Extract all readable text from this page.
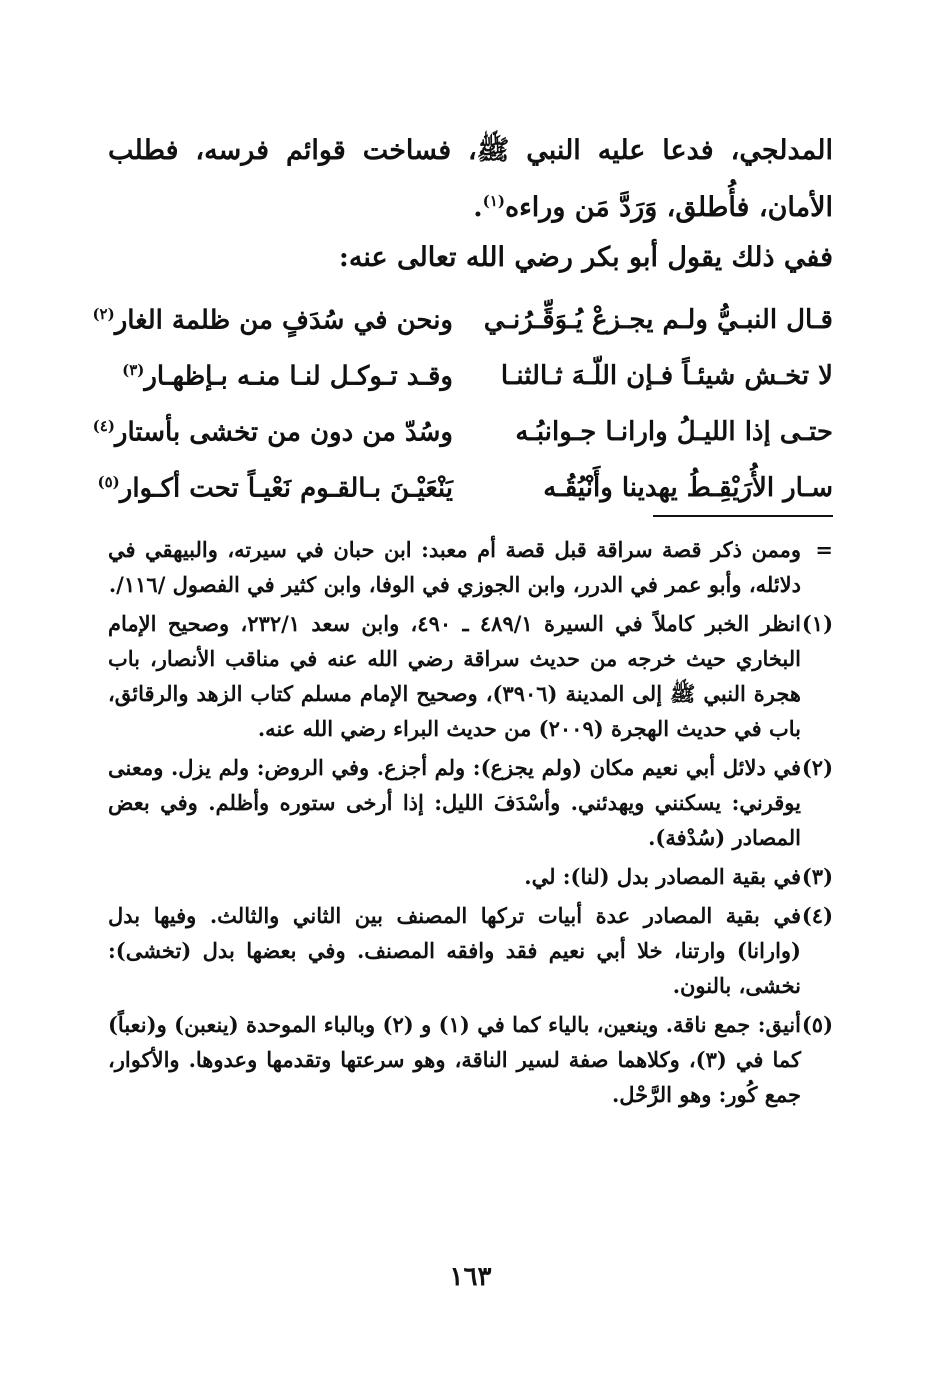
المدلجي، فدعا عليه النبي ﷺ، فساخت قوائم فرسه، فطلب الأمان، فأُطلق، وَرَدَّ مَن وراءه$^{(١)}$.
ففي ذلك يقول أبو بكر رضي الله تعالى عنه:
قـال النبـيُّ ولـم يجـزعْ يُـوَقِّـرُنـي
ونحن في سُدَفٍ من ظلمة الغار$^{(٢)}$
لا تخـش شيئـاً فـإن اللّـهَ ثـالثنـا
وقـد تـوكـل لنـا منـه بـإظهـار$^{(٣)}$
حتـى إذا الليـلُ وارانـا جـوانبُـه
وسُدّ من دون من تخشى بأستار$^{(٤)}$
سـار الأُرَيْقِـطُ يهدينا وأَنْيُقُـه
يَنْعَيْـنَ بـالقـوم نَعْيـاً تحت أكـوار$^{(٥)}$
=
وممن ذكر قصة سراقة قبل قصة أم معبد: ابن حبان في سيرته، والبيهقي في دلائله، وأبو عمر في الدرر، وابن الجوزي في الوفا، وابن كثير في الفصول /١١٦/.
(١)
انظر الخبر كاملاً في السيرة ٤٨٩/١ ـ ٤٩٠، وابن سعد ٢٣٢/١، وصحيح الإمام البخاري حيث خرجه من حديث سراقة رضي الله عنه في مناقب الأنصار، باب هجرة النبي ﷺ إلى المدينة (٣٩٠٦)، وصحيح الإمام مسلم كتاب الزهد والرقائق، باب في حديث الهجرة (٢٠٠٩) من حديث البراء رضي الله عنه.
(٢)
في دلائل أبي نعيم مكان (ولم يجزع): ولم أجزع. وفي الروض: ولم يزل. ومعنى يوقرني: يسكنني ويهدئني. وأسْدَفَ الليل: إذا أرخى ستوره وأظلم. وفي بعض المصادر (سُدْفة).
(٣)
في بقية المصادر بدل (لنا): لي.
(٤)
في بقية المصادر عدة أبيات تركها المصنف بين الثاني والثالث. وفيها بدل (وارانا) وارتنا، خلا أبي نعيم فقد وافقه المصنف. وفي بعضها بدل (تخشى): نخشى، بالنون.
(٥)
أنيق: جمع ناقة. وينعين، بالياء كما في (١) و (٢) وبالباء الموحدة (ينعبن) و(نعباً) كما في (٣)، وكلاهما صفة لسير الناقة، وهو سرعتها وتقدمها وعدوها. والأكوار، جمع كُور: وهو الرَّحْل.
١٦٣
